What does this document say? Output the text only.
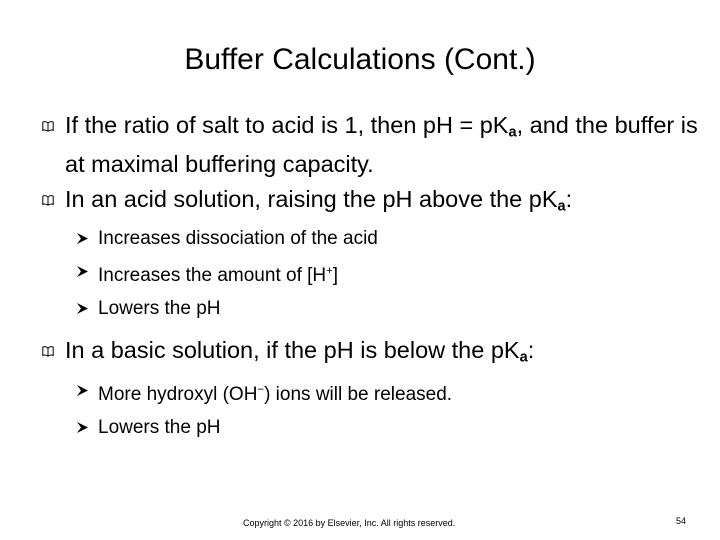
Buffer Calculations (Cont.)
If the ratio of salt to acid is 1, then pH = $pK_a$, and the buffer is at maximal buffering capacity.
In an acid solution, raising the pH above the $pK_a$:
Increases dissociation of the acid
Increases the amount of [H+]
Lowers the pH
In a basic solution, if the pH is below the $pK_a$:
More hydroxyl (OH−) ions will be released.
Lowers the pH
Copyright © 2016 by Elsevier, Inc. All rights reserved.	54
